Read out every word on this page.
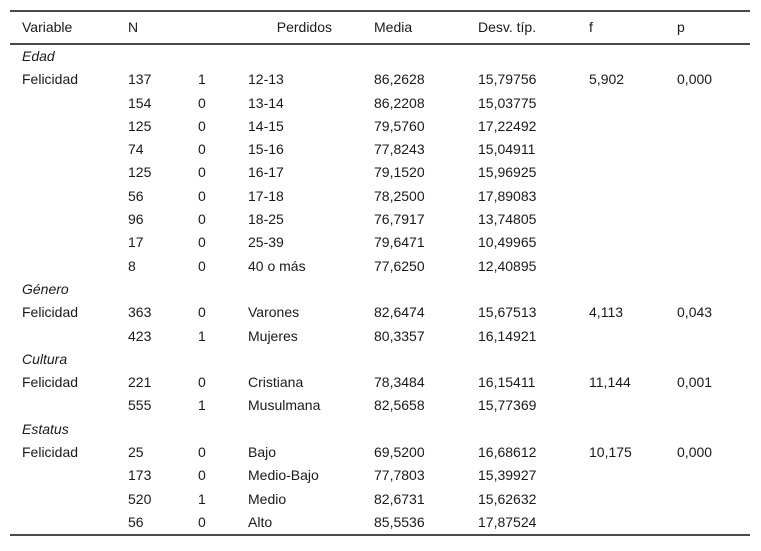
Variable	N	Perdidos		Media	Desv. típ.	f	p
Edad							
Felicidad	137	1	12-13	86,2628	15,79756	5,902	0,000
	154	0	13-14	86,2208	15,03775		
	125	0	14-15	79,5760	17,22492		
	74	0	15-16	77,8243	15,04911		
	125	0	16-17	79,1520	15,96925		
	56	0	17-18	78,2500	17,89083		
	96	0	18-25	76,7917	13,74805		
	17	0	25-39	79,6471	10,49965		
	8	0	40 o más	77,6250	12,40895		
Género							
Felicidad	363	0	Varones	82,6474	15,67513	4,113	0,043
	423	1	Mujeres	80,3357	16,14921		
Cultura							
Felicidad	221	0	Cristiana	78,3484	16,15411	11,144	0,001
	555	1	Musulmana	82,5658	15,77369		
Estatus							
Felicidad	25	0	Bajo	69,5200	16,68612	10,175	0,000
	173	0	Medio-Bajo	77,7803	15,39927		
	520	1	Medio	82,6731	15,62632		
	56	0	Alto	85,5536	17,87524		
